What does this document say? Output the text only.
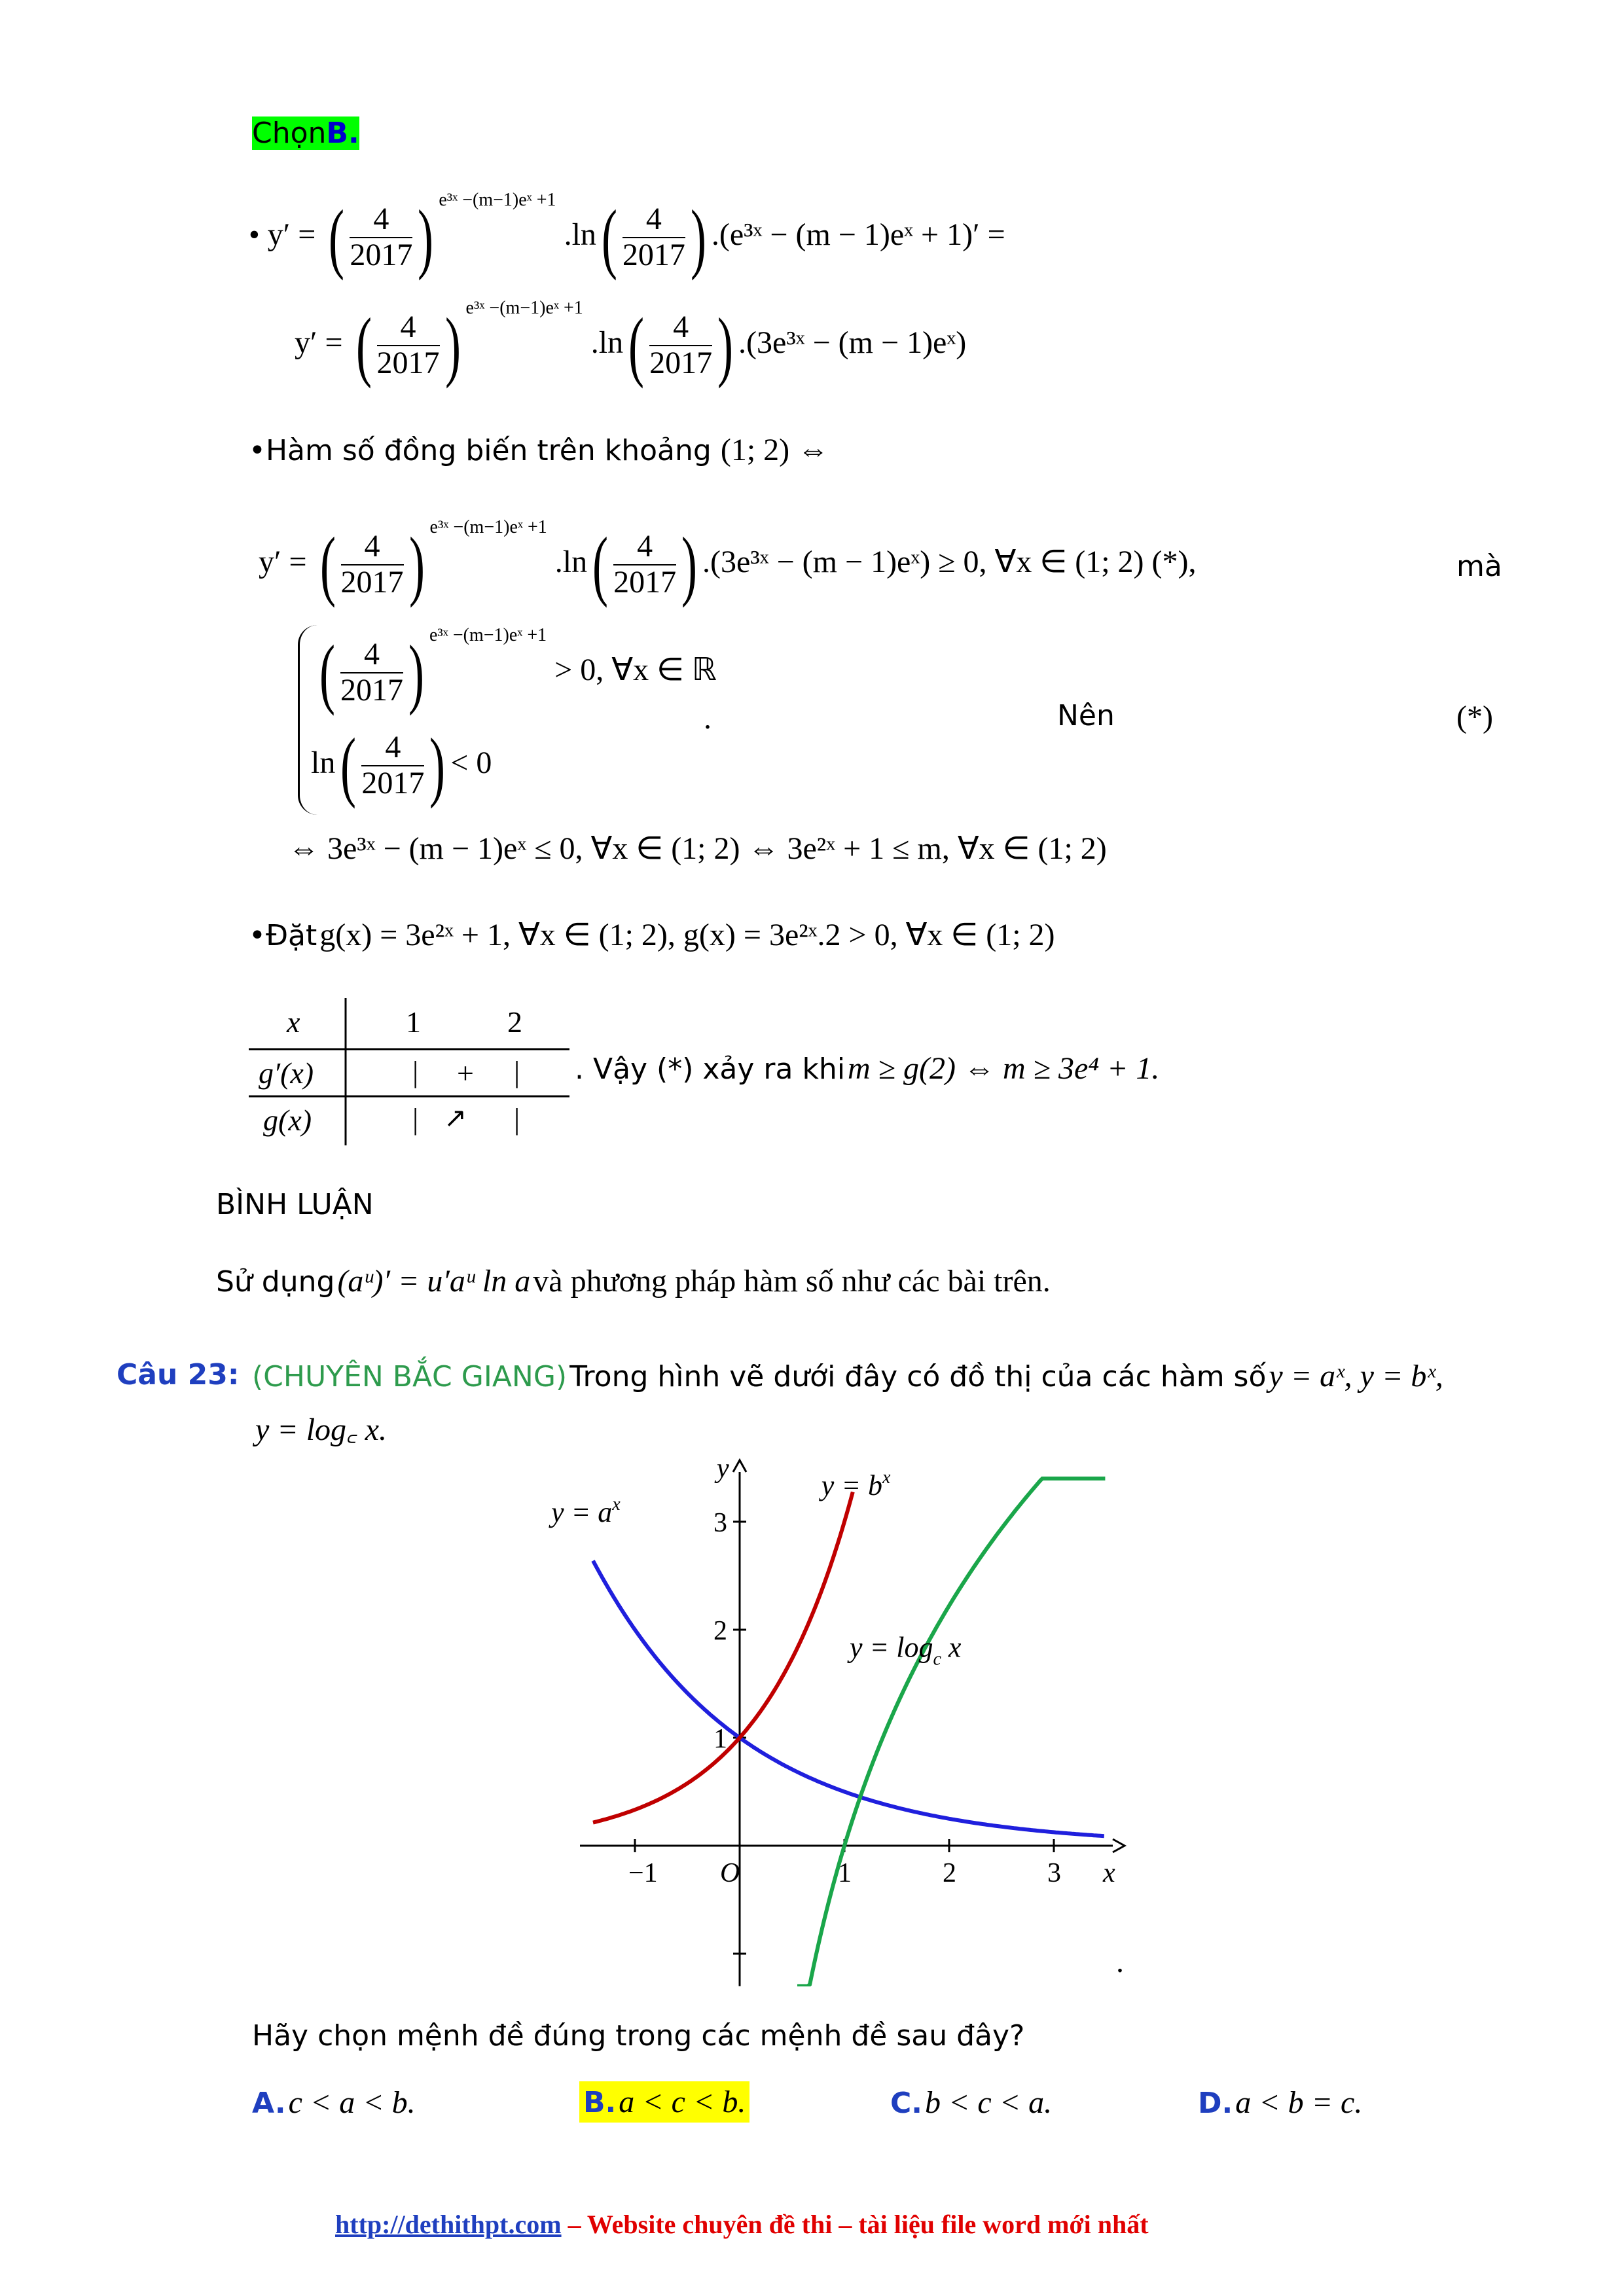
ChọnB.
• y′ = ( $\frac{4}{2017}$ ) $^{e^3ˣ -(m-1)eˣ +1}$ $.\ln( \frac{4}{2017}$ ) .(e³ˣ − (m − 1)eˣ + 1)′ =
y′ = ( $\frac{4}{2017}$ ) $^{e^3ˣ -(m-1)eˣ +1}$ $.\ln( \frac{4}{2017}$ ) .(3e³ˣ − (m − 1)eˣ)
•Hàm số đồng biến trên khoảng (1; 2) ⇔
y′ = ( $\frac{4}{2017}$ ) $^{e^3ˣ -(m-1)eˣ +1}$ $.\ln( \frac{4}{2017}$ ) .(3e³ˣ − (m − 1)eˣ) ≥ 0, ∀x ∈ (1; 2) (*),	mà
( $\frac{4}{2017}$ ) $^{e^3ˣ -(m-1)eˣ +1}$ > 0, ∀x ∈ ℝ
$\ln( \frac{4}{2017}$ ) < 0
.	Nên	(*)
⇔ 3e³ˣ − (m − 1)eˣ ≤ 0, ∀x ∈ (1; 2) ⇔ 3e²ˣ + 1 ≤ m, ∀x ∈ (1; 2)
•Đặt g(x) = 3e²ˣ + 1, ∀x ∈ (1; 2), g(x) = 3e²ˣ.2 > 0, ∀x ∈ (1; 2)
x	1	2
g′(x)	| + |
g(x)	| ↗ |
. Vậy (*) xảy ra khi m ≥ g(2) ⇔ m ≥ 3e⁴ + 1.
BÌNH LUẬN
Sử dụng (aᵘ)′ = u′aᵘ ln a và phương pháp hàm số như các bài trên.
Câu 23: (CHUYÊN BẮC GIANG) Trong hình vẽ dưới đây có đồ thị của các hàm số y = aˣ, y = bˣ,
y = log꜀ x.
−1 O	1	2	3
1
2
3
x
y
$y = a^x$
$y = b^x$
$y = \log_c x$
.
Hãy chọn mệnh đề đúng trong các mệnh đề sau đây?
A. c < a < b.	B. a < c < b.	C. b < c < a.	D. a < b = c.
http://dethithpt.com – Website chuyên đề thi – tài liệu file word mới nhất
